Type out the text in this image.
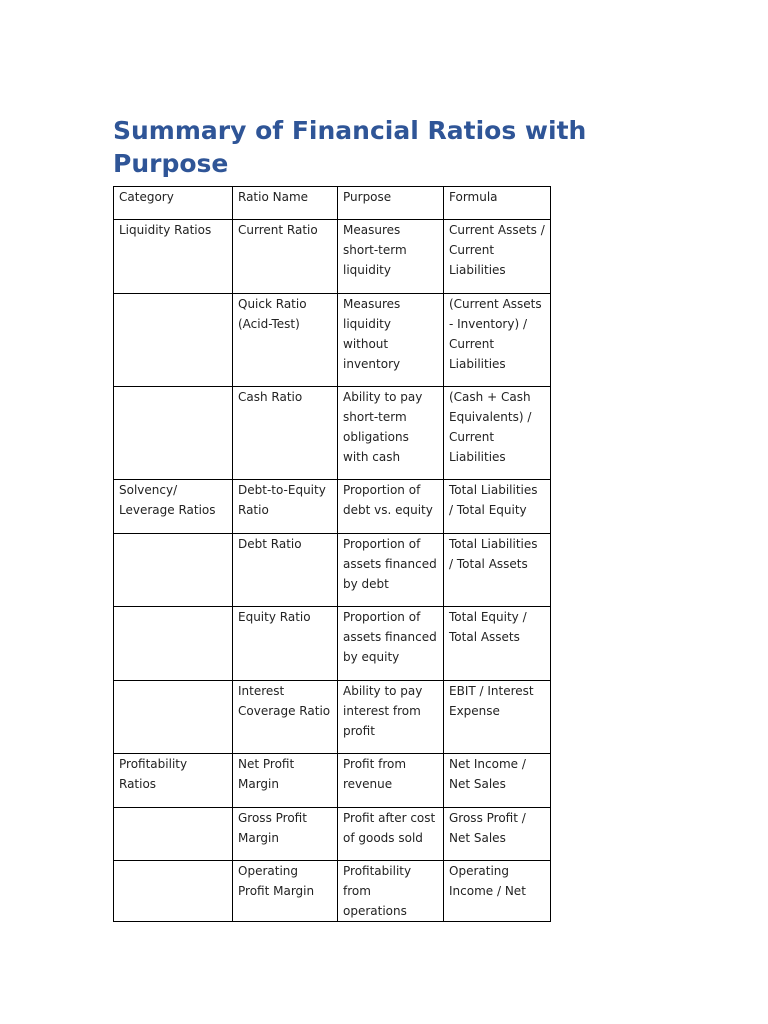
Summary of Financial Ratios with Purpose
Category	Ratio Name	Purpose	Formula
Liquidity Ratios	Current Ratio	Measures short-term liquidity	Current Assets / Current Liabilities
	Quick Ratio (Acid-Test)	Measures liquidity without inventory	(Current Assets - Inventory) / Current Liabilities
	Cash Ratio	Ability to pay short-term obligations with cash	(Cash + Cash Equivalents) / Current Liabilities
Solvency/ Leverage Ratios	Debt-to-Equity Ratio	Proportion of debt vs. equity	Total Liabilities / Total Equity
	Debt Ratio	Proportion of assets financed by debt	Total Liabilities / Total Assets
	Equity Ratio	Proportion of assets financed by equity	Total Equity / Total Assets
	Interest Coverage Ratio	Ability to pay interest from profit	EBIT / Interest Expense
Profitability Ratios	Net Profit Margin	Profit from revenue	Net Income / Net Sales
	Gross Profit Margin	Profit after cost of goods sold	Gross Profit / Net Sales
	Operating Profit Margin	Profitability from operations	Operating Income / Net
